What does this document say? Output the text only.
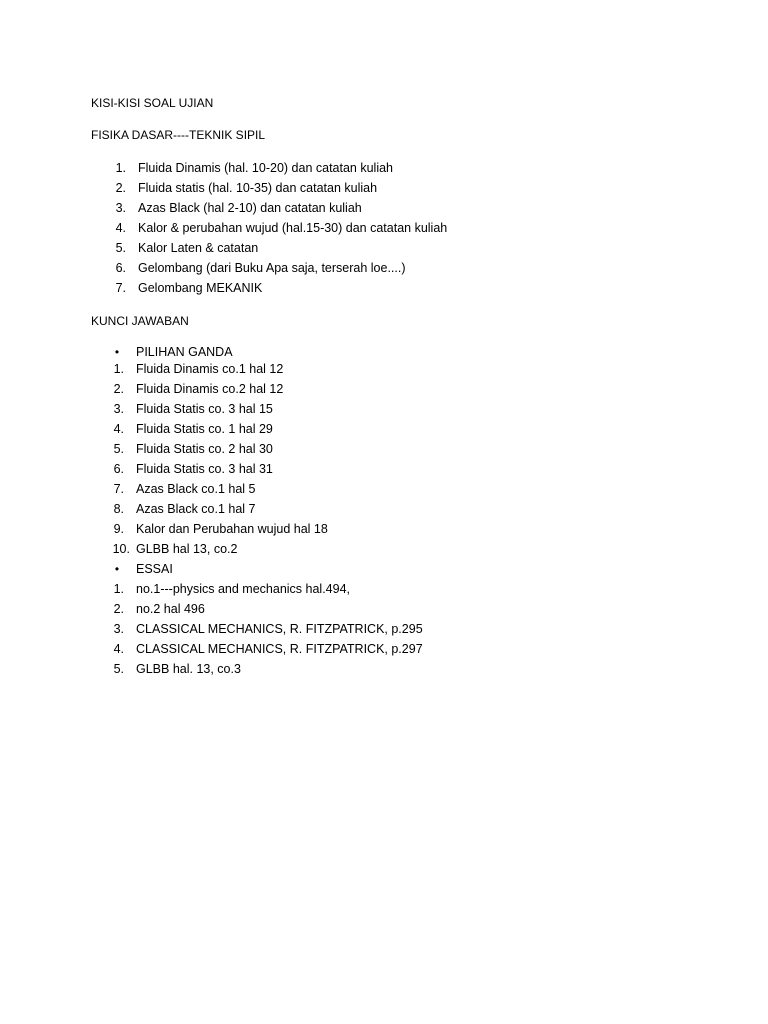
KISI-KISI SOAL UJIAN
FISIKA DASAR----TEKNIK SIPIL
1. Fluida Dinamis (hal. 10-20) dan catatan kuliah
2. Fluida statis (hal. 10-35) dan catatan kuliah
3. Azas Black (hal 2-10) dan catatan kuliah
4. Kalor & perubahan wujud (hal.15-30) dan catatan kuliah
5. Kalor Laten & catatan
6. Gelombang (dari Buku Apa saja, terserah loe....)
7. Gelombang MEKANIK
KUNCI JAWABAN
•	PILIHAN GANDA
1. Fluida Dinamis co.1 hal 12
2. Fluida Dinamis co.2 hal 12
3. Fluida Statis co. 3 hal 15
4. Fluida Statis co. 1 hal 29
5. Fluida Statis co. 2 hal 30
6. Fluida Statis co. 3 hal 31
7. Azas Black co.1 hal 5
8. Azas Black co.1 hal 7
9. Kalor dan Perubahan wujud hal 18
10. GLBB hal 13, co.2
•	ESSAI
1. no.1---physics and mechanics hal.494,
2. no.2 hal 496
3. CLASSICAL MECHANICS, R. FITZPATRICK, p.295
4. CLASSICAL MECHANICS, R. FITZPATRICK, p.297
5. GLBB hal. 13, co.3
